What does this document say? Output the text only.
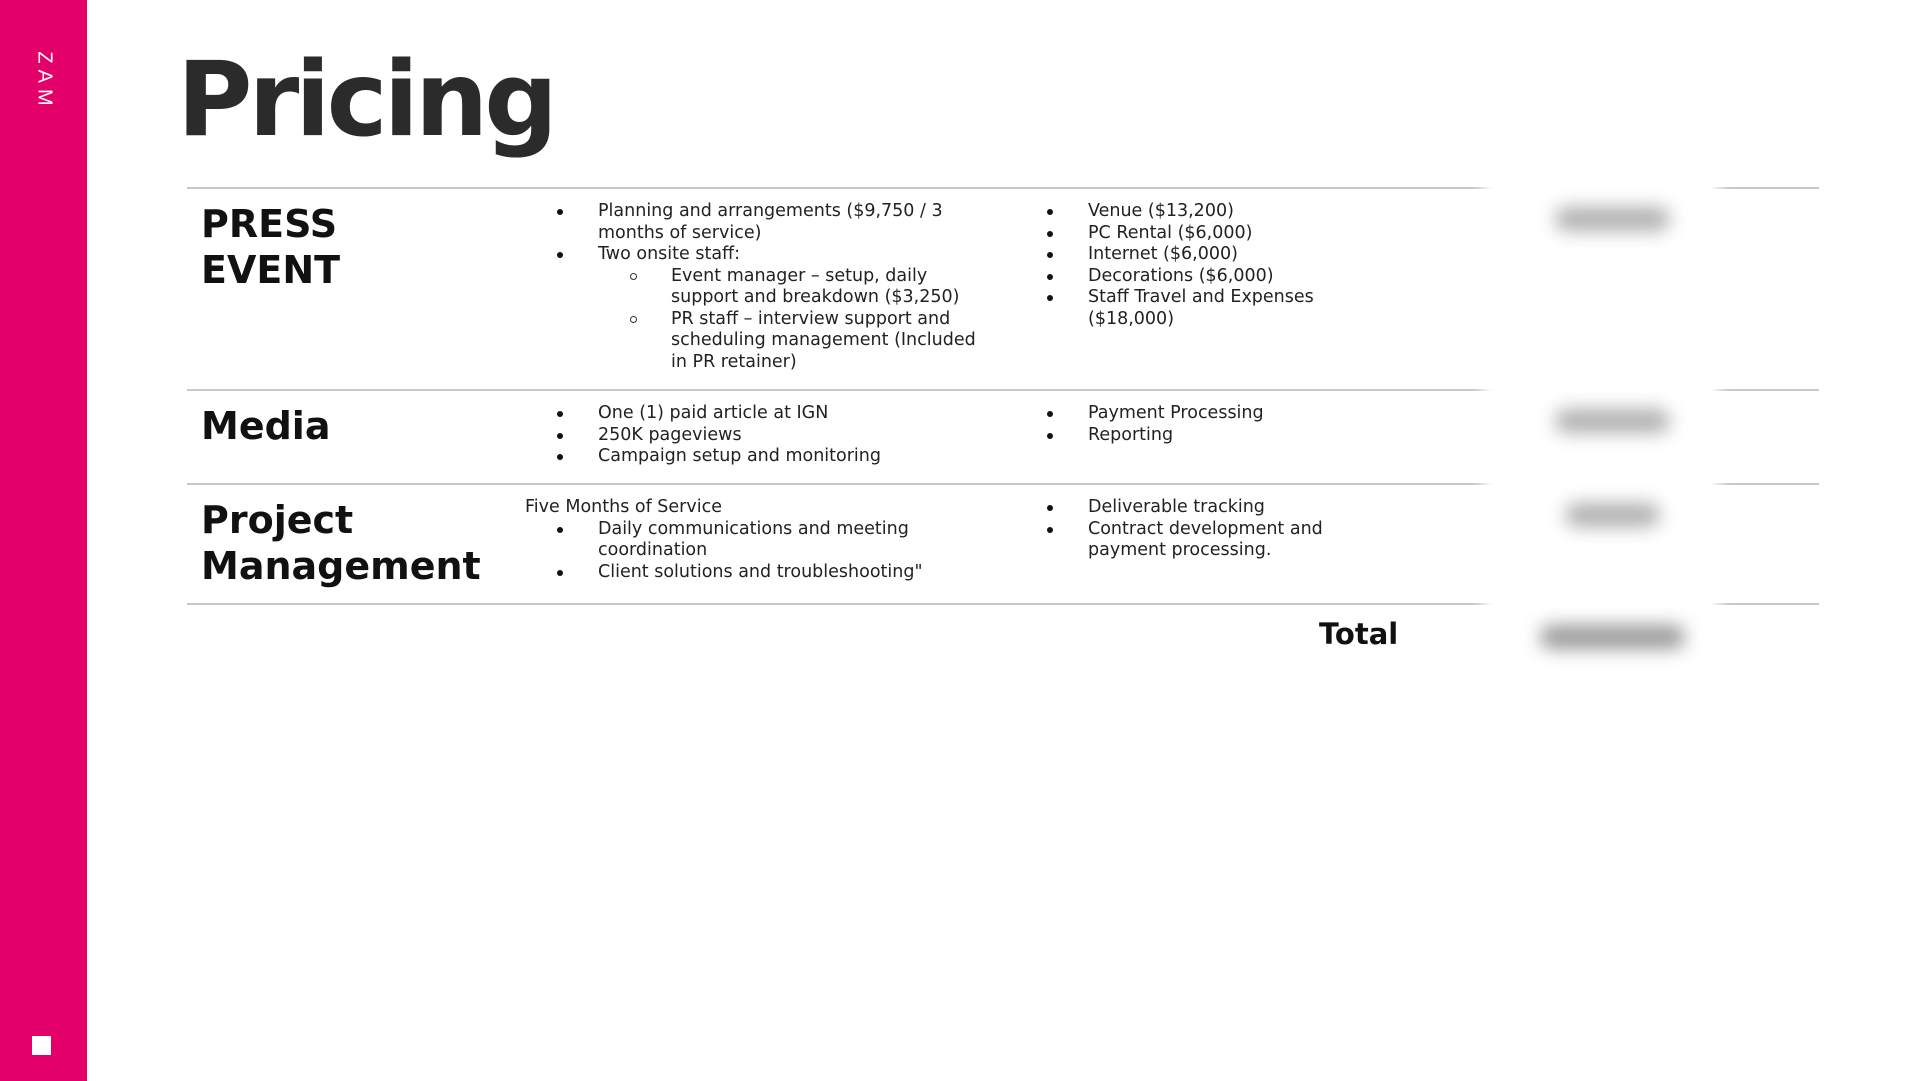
ZAM Pricing
PRESS
EVENT
Planning and arrangements ($9,750 / 3 months of service)
Two onsite staff:
Event manager – setup, daily support and breakdown ($3,250)
PR staff – interview support and scheduling management (Included in PR retainer)
Venue ($13,200)
PC Rental ($6,000)
Internet ($6,000)
Decorations ($6,000)
Staff Travel and Expenses ($18,000)
Media	One (1) paid article at IGN
250K pageviews
Campaign setup and monitoring
Payment Processing
Reporting
Project
Management
Five Months of Service
Daily communications and meeting coordination
Client solutions and troubleshooting"
Deliverable tracking
Contract development and payment processing.
Total
